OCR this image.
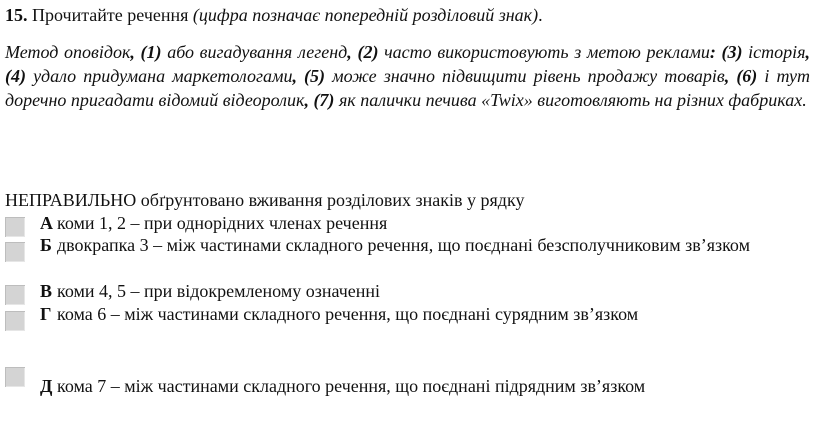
15. Прочитайте речення (цифра позначає попередній розділовий знак).
Метод оповідок, (1) або вигадування легенд, (2) часто використовують з метою реклами: (3) історія, (4) удало придумана маркетологами, (5) може значно підвищити рівень продажу товарів, (6) і тут доречно пригадати відомий відеоролик, (7) як палички печива «Twix» виготовляють на різних фабриках.
НЕПРАВИЛЬНО обґрунтовано вживання розділових знаків у рядку
А коми 1, 2 – при однорідних членах речення
Б двокрапка 3 – між частинами складного речення, що поєднані безсполучниковим зв’язком
В коми 4, 5 – при відокремленому означенні
Г кома 6 – між частинами складного речення, що поєднані сурядним зв’язком
Д кома 7 – між частинами складного речення, що поєднані підрядним зв’язком
